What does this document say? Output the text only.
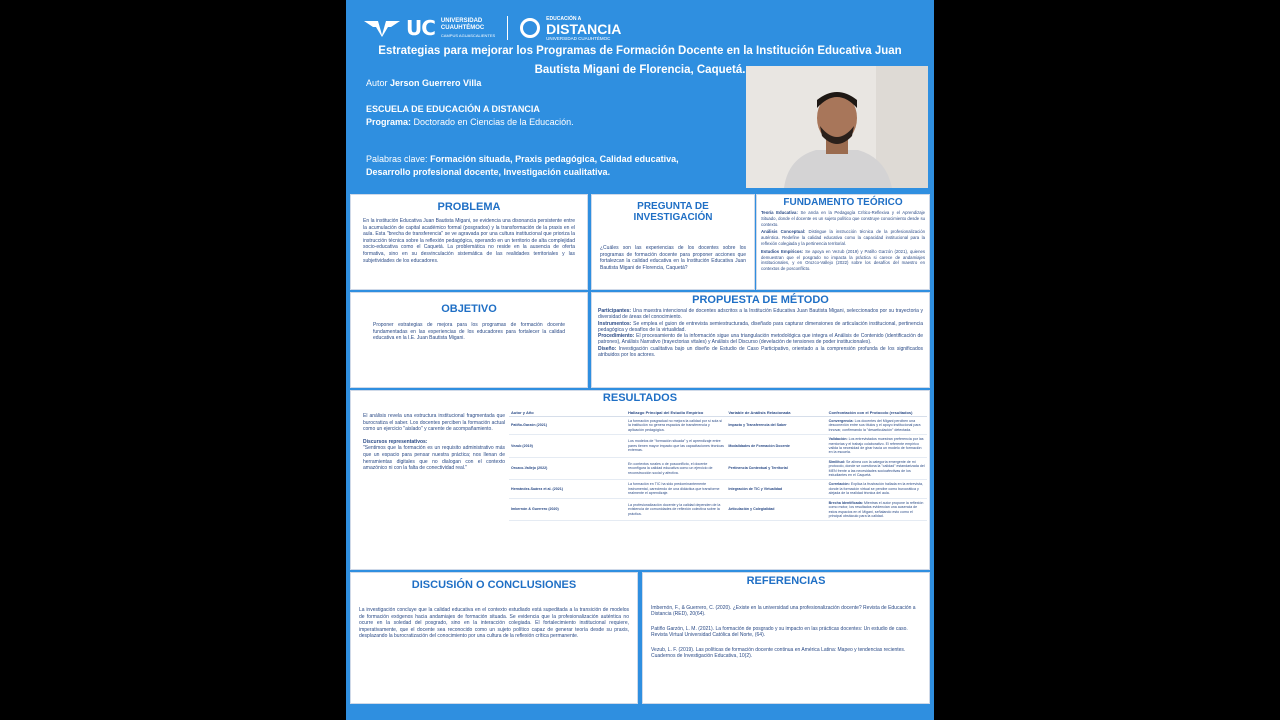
UC UNIVERSIDAD
CUAUHTÉMOC
CAMPUS AGUASCALIENTES
EDUCACIÓN A
DISTANCIA
UNIVERSIDAD CUAUHTÉMOC
Estrategias para mejorar los Programas de Formación Docente en la Institución Educativa Juan Bautista Migani de Florencia, Caquetá.
Autor Jerson Guerrero Villa
ESCUELA DE EDUCACIÓN A DISTANCIA
Programa: Doctorado en Ciencias de la Educación.
Palabras clave: Formación situada, Praxis pedagógica, Calidad educativa, Desarrollo profesional docente, Investigación cualitativa.
PROBLEMA

En la institución Educativa Juan Bautista Migani, se evidencia una disonancia persistente entre la acumulación de capital académico formal (posgrados) y la transformación de la praxis en el aula. Esta "brecha de transferencia" se ve agravada por una cultura institucional que prioriza la instrucción técnica sobre la reflexión pedagógica, operando en un territorio de alta complejidad socio-educativa como el Caquetá. La problemática no reside en la ausencia de oferta formativa, sino en su desvinculación sistemática de las realidades territoriales y las subjetividades de los educadores.

PREGUNTA DE INVESTIGACIÓN

¿Cuáles son las experiencias de los docentes sobre los programas de formación docente para proponer acciones que fortalezcan la calidad educativa en la Institución Educativa Juan Bautista Migani de Florencia, Caquetá?

FUNDAMENTO TEÓRICO

Teoría Educativa: Se ancla en la Pedagogía Crítico-Reflexiva y el Aprendizaje Situado, donde el docente es un sujeto político que construye conocimiento desde su contexto.

Análisis Conceptual: Distingue la instrucción técnica de la profesionalización auténtica. Redefine la calidad educativa como la capacidad institucional para la reflexión colegiada y la pertinencia territorial.

Estudios Empíricos: Se apoya en Vezub (2019) y Patiño Garzón (2021), quienes demuestran que el posgrado no impacta la práctica si carece de andamiajes institucionales, y en Orozco-Vallejo (2022) sobre los desafíos del maestro en contextos de posconflicto.

OBJETIVO

Proponer estrategias de mejora para los programas de formación docente fundamentadas en las experiencias de los educadores para fortalecer la calidad educativa en la I.E. Juan Bautista Migani.

PROPUESTA DE MÉTODO

Participantes: Una muestra intencional de docentes adscritos a la Institución Educativa Juan Bautista Migani, seleccionados por su trayectoria y diversidad de áreas del conocimiento.

Instrumentos: Se emplea el guion de entrevista semiestructurada, diseñado para capturar dimensiones de articulación institucional, pertinencia pedagógica y desafíos de la virtualidad.

Procedimiento: El procesamiento de la información sigue una triangulación metodológica que integra el Análisis de Contenido (identificación de patrones), Análisis Narrativo (trayectorias vitales) y Análisis del Discurso (develación de tensiones de poder institucionales).

Diseño: Investigación cualitativa bajo un diseño de Estudio de Caso Participativo, orientado a la comprensión profunda de los significados atribuidos por los actores.

RESULTADOS

El análisis revela una estructura institucional fragmentada que burocratiza el saber. Los docentes perciben la formación actual como un ejercicio "aislado" y carente de acompañamiento.

Discursos representativos:

"Sentimos que la formación es un requisito administrativo más que un espacio para pensar nuestra práctica; nos llenan de herramientas digitales que no dialogan con el contexto amazónico ni con la falta de conectividad real."

Autor y Año	Hallazgo Principal del Estudio Empírico	Variable de Análisis Relacionada	Confrontación con el Protocolo (resultados)
Patiño-Garzón (2021)	La formación posgradual no mejora la calidad por sí sola si la institución no genera espacios de transferencia y aplicación pedagógica.	Impacto y Transferencia del Saber	Convergencia: Los docentes del Migani perciben una desconexión entre sus títulos y el apoyo institucional para innovar, confirmando la "desarticulación" detectada.
Vezub (2019)	Los modelos de "formación situada" y el aprendizaje entre pares tienen mayor impacto que las capacitaciones técnicas externas.	Modalidades de Formación Docente	Validación: Los entrevistados muestran preferencia por las mentorías y el trabajo colaborativo. El referente empírico valida la necesidad de girar hacia un modelo de formación en la escuela.
Orozco-Vallejo (2022)	En contextos rurales o de posconflicto, el docente reconfigura la calidad educativa como un ejercicio de reconstrucción social y afectiva.	Pertinencia Contextual y Territorial	Similitud: Se alinea con la categoría emergente de mi protocolo, donde se cuestiona la "calidad" estandarizada del MEN frente a las necesidades socioafectivas de los estudiantes en el Caquetá.
Hernández-Suárez et al. (2021)	La formación en TIC ha sido predominantemente instrumental, careciendo de una didáctica que transforme realmente el aprendizaje.	Integración de TIC y Virtualidad	Correlación: Explica la frustración hallada en la entrevista, donde la formación virtual se percibe como burocrática y alejada de la realidad técnica del aula.
Imbernón & Guerrero (2020)	La profesionalización docente y la calidad dependen de la existencia de comunidades de reflexión colectiva sobre la práctica.	Articulación y Colegialidad	Brecha Identificada: Mientras el autor propone la reflexión como motor, los resultados evidencian una ausencia de estos espacios en el Migani, señalando esto como el principal obstáculo para la calidad.
DISCUSIÓN O CONCLUSIONES

La investigación concluye que la calidad educativa en el contexto estudiado está supeditada a la transición de modelos de formación exógenos hacia andamiajes de formación situada. Se evidencia que la profesionalización auténtica no ocurre en la soledad del posgrado, sino en la interacción colegiada. El fortalecimiento institucional requiere, imperativamente, que el docente sea reconocido como un sujeto político capaz de generar teoría desde su praxis, desplazando la burocratización del conocimiento por una cultura de la reflexión crítica permanente.

REFERENCIAS

Imbernón, F., & Guerrero, C. (2020). ¿Existe en la universidad una profesionalización docente? Revista de Educación a Distancia (RED), 20(64).

Patiño Garzón, L. M. (2021). La formación de posgrado y su impacto en las prácticas docentes: Un estudio de caso. Revista Virtual Universidad Católica del Norte, (64).

Vezub, L. F. (2019). Las políticas de formación docente continua en América Latina: Mapeo y tendencias recientes. Cuadernos de Investigación Educativa, 10(2).
